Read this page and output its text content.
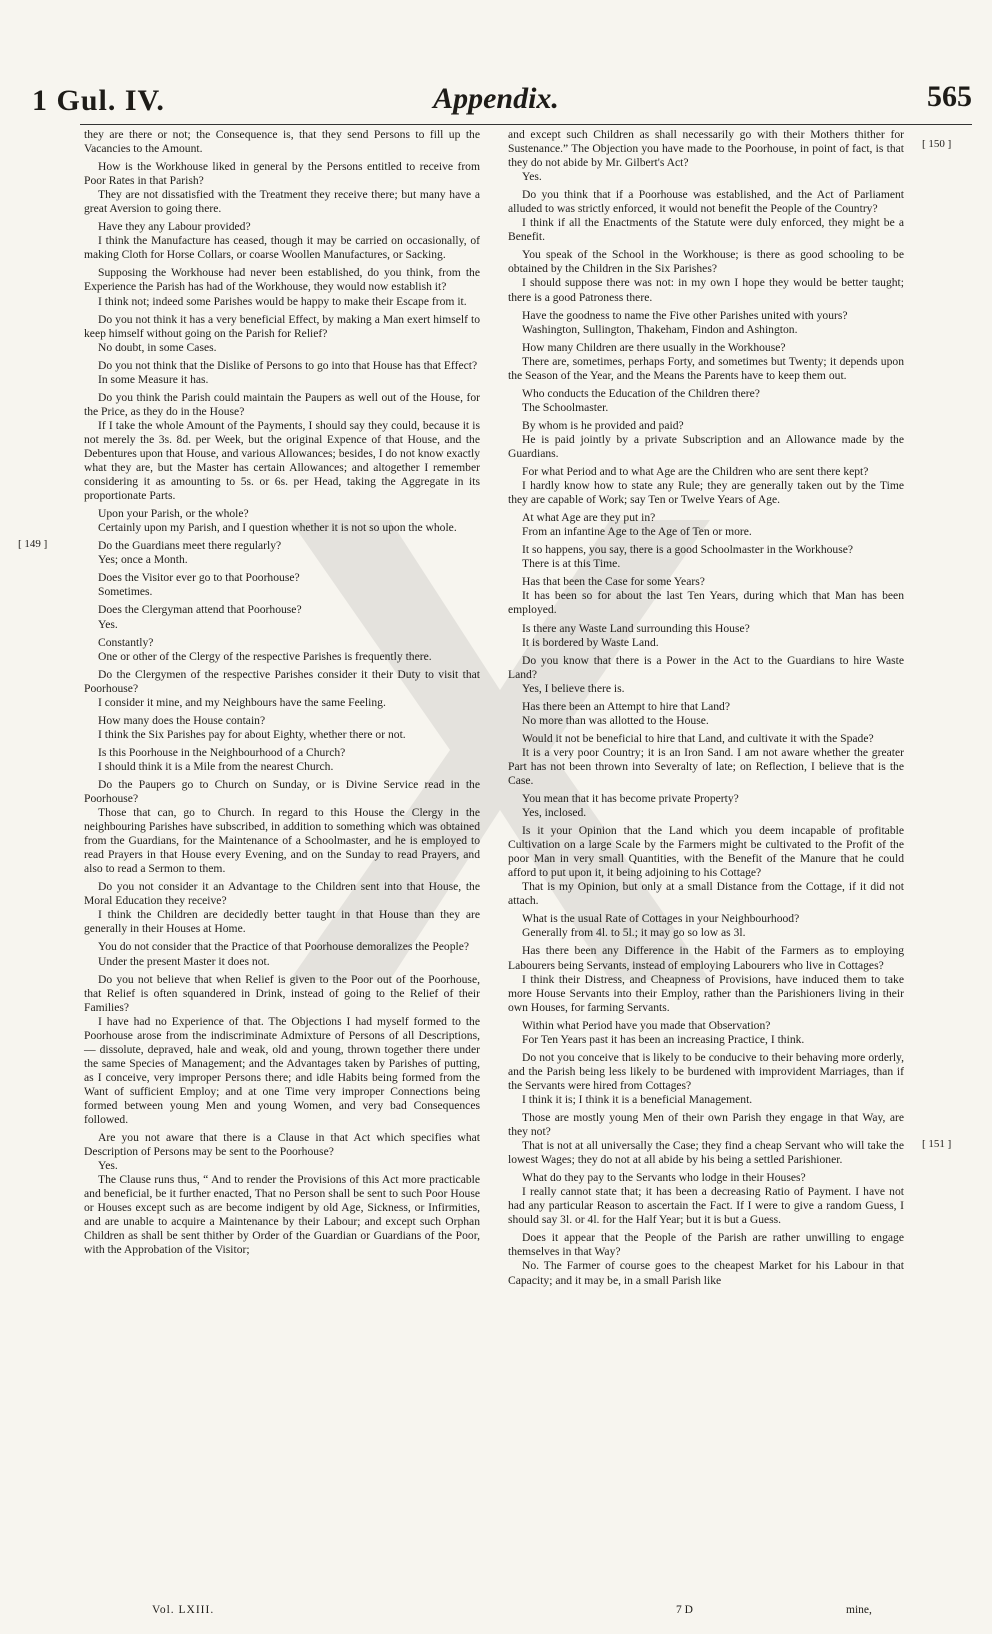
1 Gul. IV.	Appendix.	565

they are there or not; the Consequence is, that they send Persons to fill up the Vacancies to the Amount.

How is the Workhouse liked in general by the Persons entitled to receive from Poor Rates in that Parish?

They are not dissatisfied with the Treatment they receive there; but many have a great Aversion to going there.

Have they any Labour provided?

I think the Manufacture has ceased, though it may be carried on occasionally, of making Cloth for Horse Collars, or coarse Woollen Manufactures, or Sacking.

Supposing the Workhouse had never been established, do you think, from the Experience the Parish has had of the Workhouse, they would now establish it?

I think not; indeed some Parishes would be happy to make their Escape from it.

Do you not think it has a very beneficial Effect, by making a Man exert himself to keep himself without going on the Parish for Relief?

No doubt, in some Cases.

Do you not think that the Dislike of Persons to go into that House has that Effect?

In some Measure it has.

Do you think the Parish could maintain the Paupers as well out of the House, for the Price, as they do in the House?

If I take the whole Amount of the Payments, I should say they could, because it is not merely the 3s. 8d. per Week, but the original Expence of that House, and the Debentures upon that House, and various Allowances; besides, I do not know exactly what they are, but the Master has certain Allowances; and altogether I remember considering it as amounting to 5s. or 6s. per Head, taking the Aggregate in its proportionate Parts.

Upon your Parish, or the whole?

Certainly upon my Parish, and I question whether it is not so upon the whole.

Do the Guardians meet there regularly?

Yes; once a Month.

Does the Visitor ever go to that Poorhouse?

Sometimes.

Does the Clergyman attend that Poorhouse?

Yes.

Constantly?

One or other of the Clergy of the respective Parishes is frequently there.

Do the Clergymen of the respective Parishes consider it their Duty to visit that Poorhouse?

I consider it mine, and my Neighbours have the same Feeling.

How many does the House contain?

I think the Six Parishes pay for about Eighty, whether there or not.

Is this Poorhouse in the Neighbourhood of a Church?

I should think it is a Mile from the nearest Church.

Do the Paupers go to Church on Sunday, or is Divine Service read in the Poorhouse?

Those that can, go to Church. In regard to this House the Clergy in the neighbouring Parishes have subscribed, in addition to something which was obtained from the Guardians, for the Maintenance of a Schoolmaster, and he is employed to read Prayers in that House every Evening, and on the Sunday to read Prayers, and also to read a Sermon to them.

Do you not consider it an Advantage to the Children sent into that House, the Moral Education they receive?

I think the Children are decidedly better taught in that House than they are generally in their Houses at Home.

You do not consider that the Practice of that Poorhouse demoralizes the People?

Under the present Master it does not.

Do you not believe that when Relief is given to the Poor out of the Poorhouse, that Relief is often squandered in Drink, instead of going to the Relief of their Families?

I have had no Experience of that. The Objections I had myself formed to the Poorhouse arose from the indiscriminate Admixture of Persons of all Descriptions, — dissolute, depraved, hale and weak, old and young, thrown together there under the same Species of Management; and the Advantages taken by Parishes of putting, as I conceive, very improper Persons there; and idle Habits being formed from the Want of sufficient Employ; and at one Time very improper Connections being formed between young Men and young Women, and very bad Consequences followed.

Are you not aware that there is a Clause in that Act which specifies what Description of Persons may be sent to the Poorhouse?

Yes.

The Clause runs thus, “ And to render the Provisions of this Act more practicable and beneficial, be it further enacted, That no Person shall be sent to such Poor House or Houses except such as are become indigent by old Age, Sickness, or Infirmities, and are unable to acquire a Maintenance by their Labour; and except such Orphan Children as shall be sent thither by Order of the Guardian or Guardians of the Poor, with the Approbation of the Visitor;

and except such Children as shall necessarily go with their Mothers thither for Sustenance.” The Objection you have made to the Poorhouse, in point of fact, is that they do not abide by Mr. Gilbert's Act?

Yes.

Do you think that if a Poorhouse was established, and the Act of Parliament alluded to was strictly enforced, it would not benefit the People of the Country?

I think if all the Enactments of the Statute were duly enforced, they might be a Benefit.

You speak of the School in the Workhouse; is there as good schooling to be obtained by the Children in the Six Parishes?

I should suppose there was not: in my own I hope they would be better taught; there is a good Patroness there.

Have the goodness to name the Five other Parishes united with yours?

Washington, Sullington, Thakeham, Findon and Ashington.

How many Children are there usually in the Workhouse?

There are, sometimes, perhaps Forty, and sometimes but Twenty; it depends upon the Season of the Year, and the Means the Parents have to keep them out.

Who conducts the Education of the Children there?

The Schoolmaster.

By whom is he provided and paid?

He is paid jointly by a private Subscription and an Allowance made by the Guardians.

For what Period and to what Age are the Children who are sent there kept?

I hardly know how to state any Rule; they are generally taken out by the Time they are capable of Work; say Ten or Twelve Years of Age.

At what Age are they put in?

From an infantine Age to the Age of Ten or more.

It so happens, you say, there is a good Schoolmaster in the Workhouse?

There is at this Time.

Has that been the Case for some Years?

It has been so for about the last Ten Years, during which that Man has been employed.

Is there any Waste Land surrounding this House?

It is bordered by Waste Land.

Do you know that there is a Power in the Act to the Guardians to hire Waste Land?

Yes, I believe there is.

Has there been an Attempt to hire that Land?

No more than was allotted to the House.

Would it not be beneficial to hire that Land, and cultivate it with the Spade?

It is a very poor Country; it is an Iron Sand. I am not aware whether the greater Part has not been thrown into Severalty of late; on Reflection, I believe that is the Case.

You mean that it has become private Property?

Yes, inclosed.

Is it your Opinion that the Land which you deem incapable of profitable Cultivation on a large Scale by the Farmers might be cultivated to the Profit of the poor Man in very small Quantities, with the Benefit of the Manure that he could afford to put upon it, it being adjoining to his Cottage?

That is my Opinion, but only at a small Distance from the Cottage, if it did not attach.

What is the usual Rate of Cottages in your Neighbourhood?

Generally from 4l. to 5l.; it may go so low as 3l.

Has there been any Difference in the Habit of the Farmers as to employing Labourers being Servants, instead of employing Labourers who live in Cottages?

I think their Distress, and Cheapness of Provisions, have induced them to take more House Servants into their Employ, rather than the Parishioners living in their own Houses, for farming Servants.

Within what Period have you made that Observation?

For Ten Years past it has been an increasing Practice, I think.

Do not you conceive that is likely to be conducive to their behaving more orderly, and the Parish being less likely to be burdened with improvident Marriages, than if the Servants were hired from Cottages?

I think it is; I think it is a beneficial Management.

Those are mostly young Men of their own Parish they engage in that Way, are they not?

That is not at all universally the Case; they find a cheap Servant who will take the lowest Wages; they do not at all abide by his being a settled Parishioner.

What do they pay to the Servants who lodge in their Houses?

I really cannot state that; it has been a decreasing Ratio of Payment. I have not had any particular Reason to ascertain the Fact. If I were to give a random Guess, I should say 3l. or 4l. for the Half Year; but it is but a Guess.

Does it appear that the People of the Parish are rather unwilling to engage themselves in that Way?

No. The Farmer of course goes to the cheapest Market for his Labour in that Capacity; and it may be, in a small Parish like

[ 149 ]
[ 150 ]
[ 151 ]
Vol. LXIII.	7 D	mine,
